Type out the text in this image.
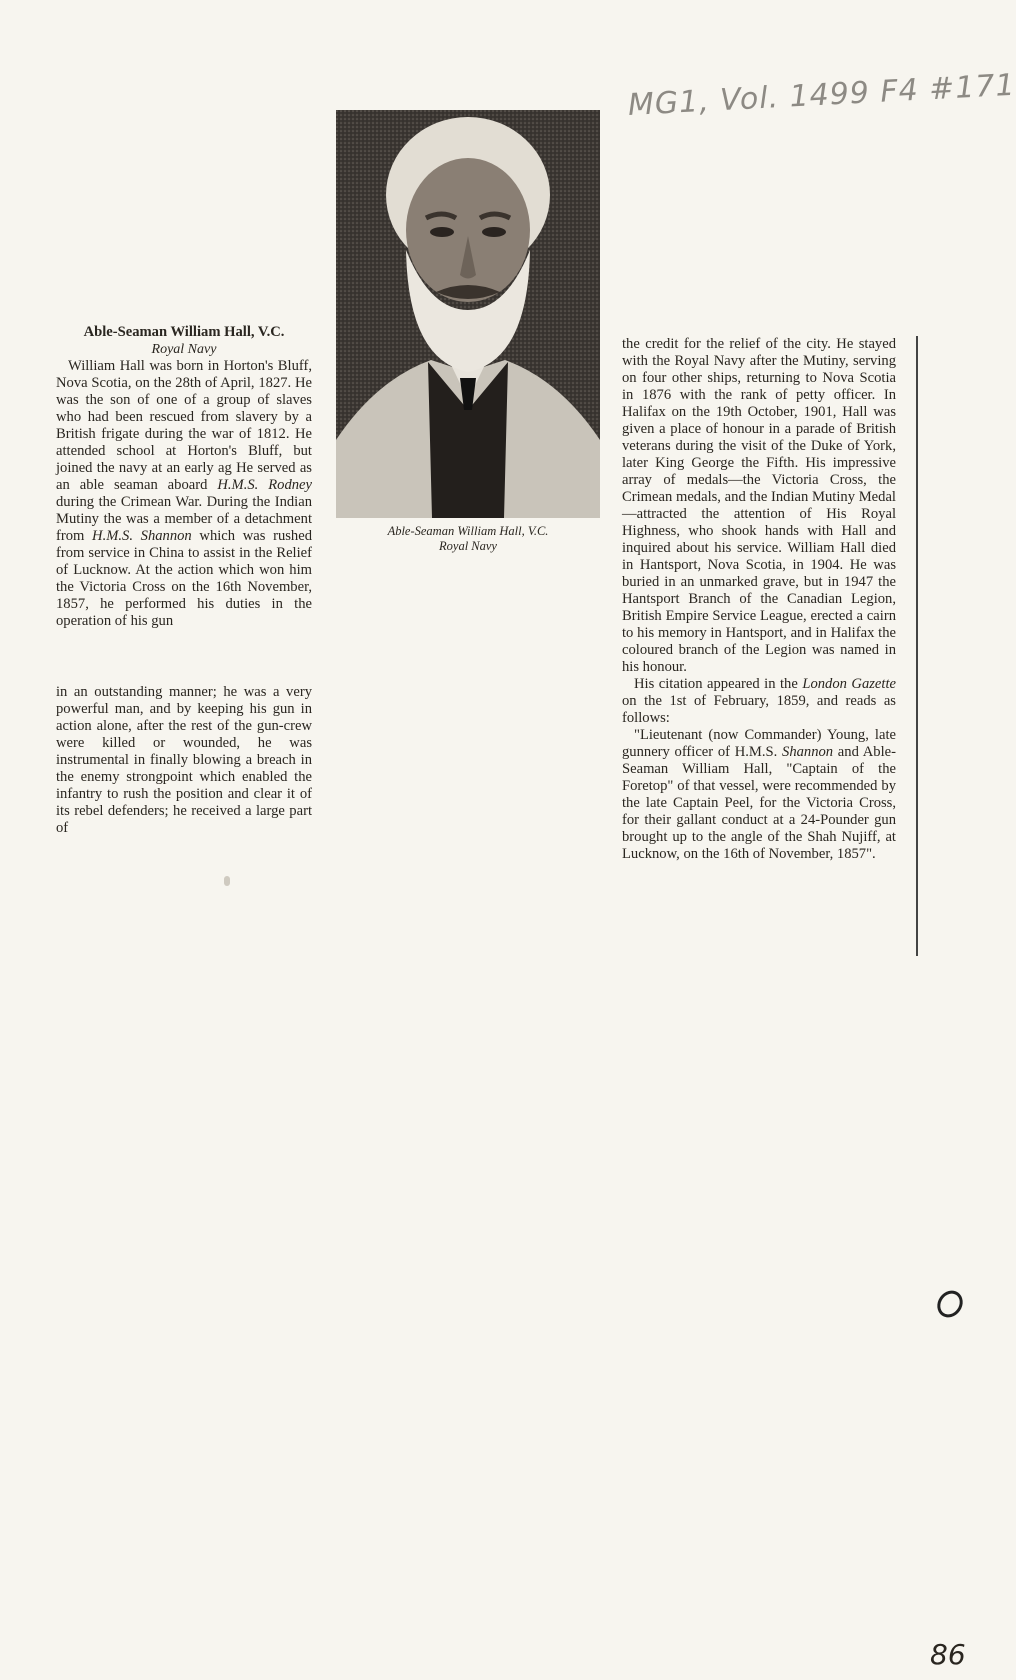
MG1, Vol. 1499 F4 #171

Able-Seaman William Hall, V.C.

Royal Navy

William Hall was born in Horton's Bluff, Nova Scotia, on the 28th of April, 1827. He was the son of one of a group of slaves who had been rescued from slavery by a British frigate during the war of 1812. He attended school at Horton's Bluff, but joined the navy at an early ag He served as an able seaman aboard H.M.S. Rodney during the Crimean War. During the Indian Mutiny the was a member of a detachment from H.M.S. Shannon which was rushed from service in China to assist in the Relief of Lucknow. At the action which won him the Victoria Cross on the 16th November, 1857, he performed his duties in the operation of his gun

in an outstanding manner; he was a very powerful man, and by keeping his gun in action alone, after the rest of the gun-crew were killed or wounded, he was instrumental in finally blowing a breach in the enemy strongpoint which enabled the infantry to rush the position and clear it of its rebel defenders; he received a large part of

Able-Seaman William Hall, V.C.
Royal Navy

the credit for the relief of the city. He stayed with the Royal Navy after the Mutiny, serving on four other ships, returning to Nova Scotia in 1876 with the rank of petty officer. In Halifax on the 19th October, 1901, Hall was given a place of honour in a parade of British veterans during the visit of the Duke of York, later King George the Fifth. His impressive array of medals—the Victoria Cross, the Crimean medals, and the Indian Mutiny Medal—attracted the attention of His Royal Highness, who shook hands with Hall and inquired about his service. William Hall died in Hantsport, Nova Scotia, in 1904. He was buried in an unmarked grave, but in 1947 the Hantsport Branch of the Canadian Legion, British Empire Service League, erected a cairn to his memory in Hantsport, and in Halifax the coloured branch of the Legion was named in his honour.

His citation appeared in the London Gazette on the 1st of February, 1859, and reads as follows:

"Lieutenant (now Commander) Young, late gunnery officer of H.M.S. Shannon and Able-Seaman William Hall, "Captain of the Foretop" of that vessel, were recommended by the late Captain Peel, for the Victoria Cross, for their gallant conduct at a 24-Pounder gun brought up to the angle of the Shah Nujiff, at Lucknow, on the 16th of November, 1857".

86
